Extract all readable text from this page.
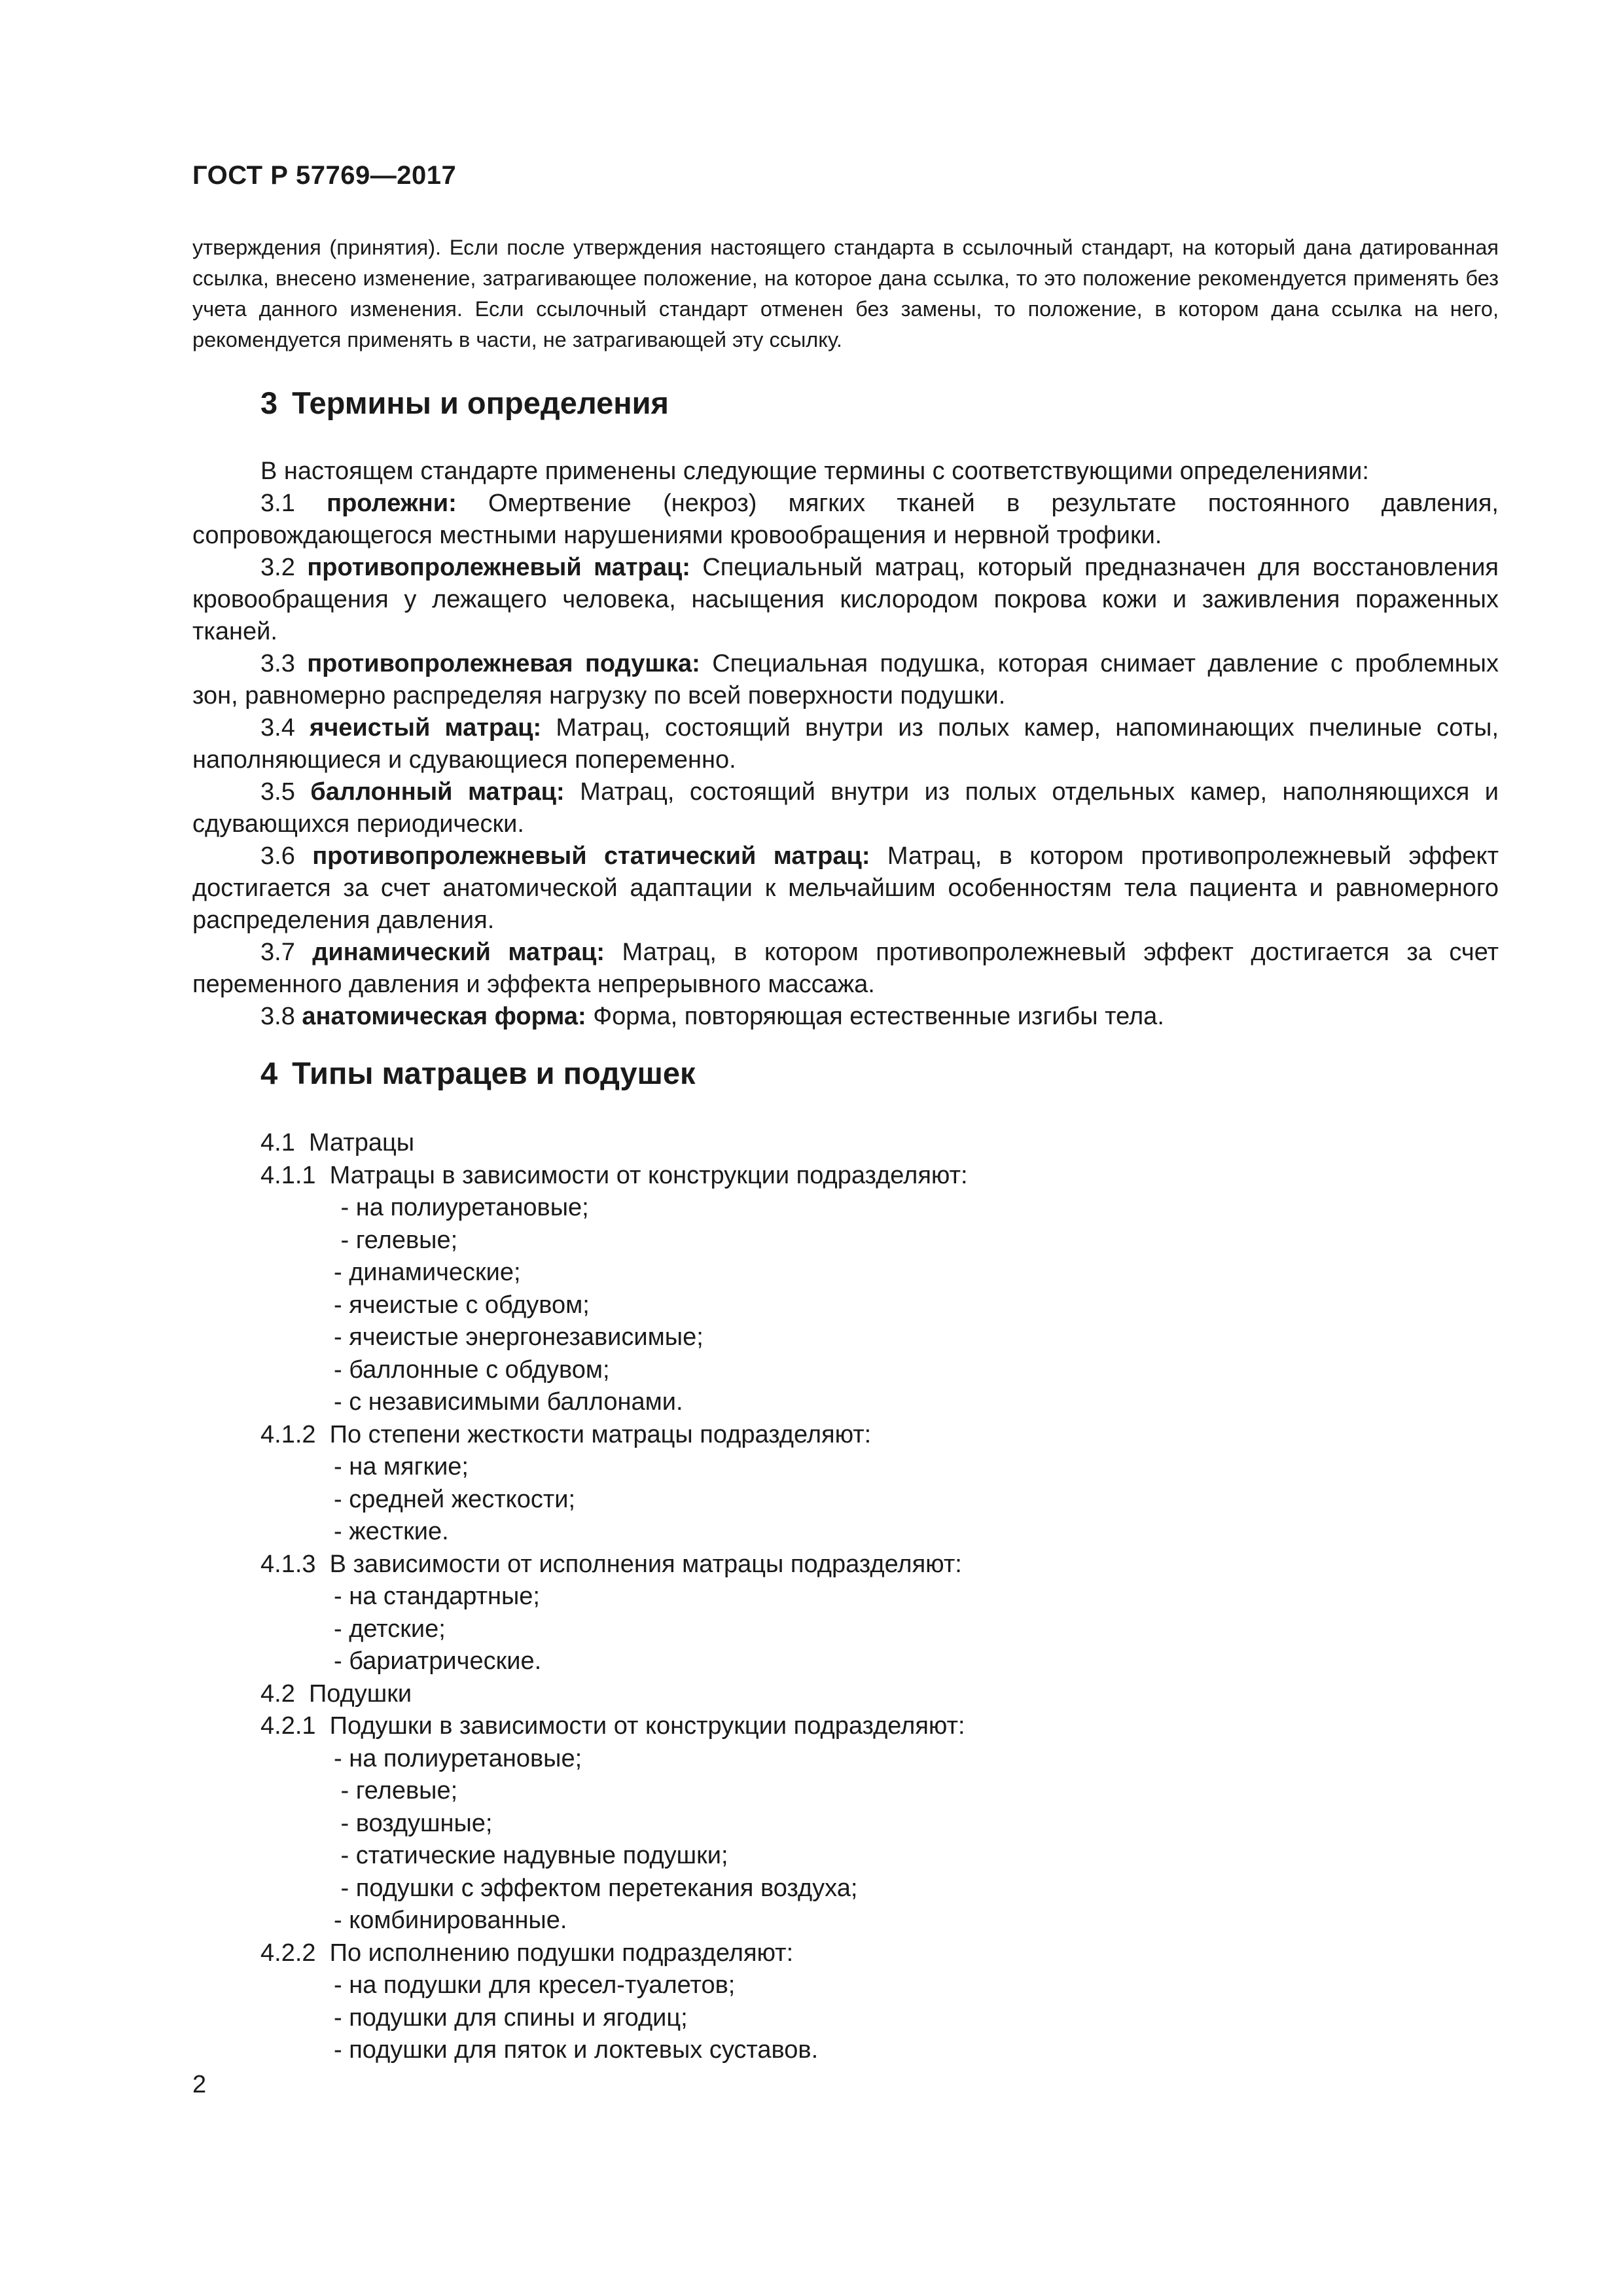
ГОСТ Р 57769—2017

утверждения (принятия). Если после утверждения настоящего стандарта в ссылочный стандарт, на который дана датированная ссылка, внесено изменение, затрагивающее положение, на которое дана ссылка, то это положение рекомендуется применять без учета данного изменения. Если ссылочный стандарт отменен без замены, то положение, в котором дана ссылка на него, рекомендуется применять в части, не затрагивающей эту ссылку.

3 Термины и определения

В настоящем стандарте применены следующие термины с соответствующими определениями:

3.1 пролежни: Омертвение (некроз) мягких тканей в результате постоянного давления, сопровождающегося местными нарушениями кровообращения и нервной трофики.

3.2 противопролежневый матрац: Специальный матрац, который предназначен для восстановления кровообращения у лежащего человека, насыщения кислородом покрова кожи и заживления пораженных тканей.

3.3 противопролежневая подушка: Специальная подушка, которая снимает давление с проблемных зон, равномерно распределяя нагрузку по всей поверхности подушки.

3.4 ячеистый матрац: Матрац, состоящий внутри из полых камер, напоминающих пчелиные соты, наполняющиеся и сдувающиеся попеременно.

3.5 баллонный матрац: Матрац, состоящий внутри из полых отдельных камер, наполняющихся и сдувающихся периодически.

3.6 противопролежневый статический матрац: Матрац, в котором противопролежневый эффект достигается за счет анатомической адаптации к мельчайшим особенностям тела пациента и равномерного распределения давления.

3.7 динамический матрац: Матрац, в котором противопролежневый эффект достигается за счет переменного давления и эффекта непрерывного массажа.

3.8 анатомическая форма: Форма, повторяющая естественные изгибы тела.

4 Типы матрацев и подушек
4.1  Матрацы
4.1.1  Матрацы в зависимости от конструкции подразделяют:
- на полиуретановые;
- гелевые;
- динамические;
- ячеистые с обдувом;
- ячеистые энергонезависимые;
- баллонные с обдувом;
- с независимыми баллонами.
4.1.2  По степени жесткости матрацы подразделяют:
- на мягкие;
- средней жесткости;
- жесткие.
4.1.3  В зависимости от исполнения матрацы подразделяют:
- на стандартные;
- детские;
- бариатрические.
4.2  Подушки
4.2.1  Подушки в зависимости от конструкции подразделяют:
- на полиуретановые;
- гелевые;
- воздушные;
- статические надувные подушки;
- подушки с эффектом перетекания воздуха;
- комбинированные.
4.2.2  По исполнению подушки подразделяют:
- на подушки для кресел-туалетов;
- подушки для спины и ягодиц;
- подушки для пяток и локтевых суставов.
2
